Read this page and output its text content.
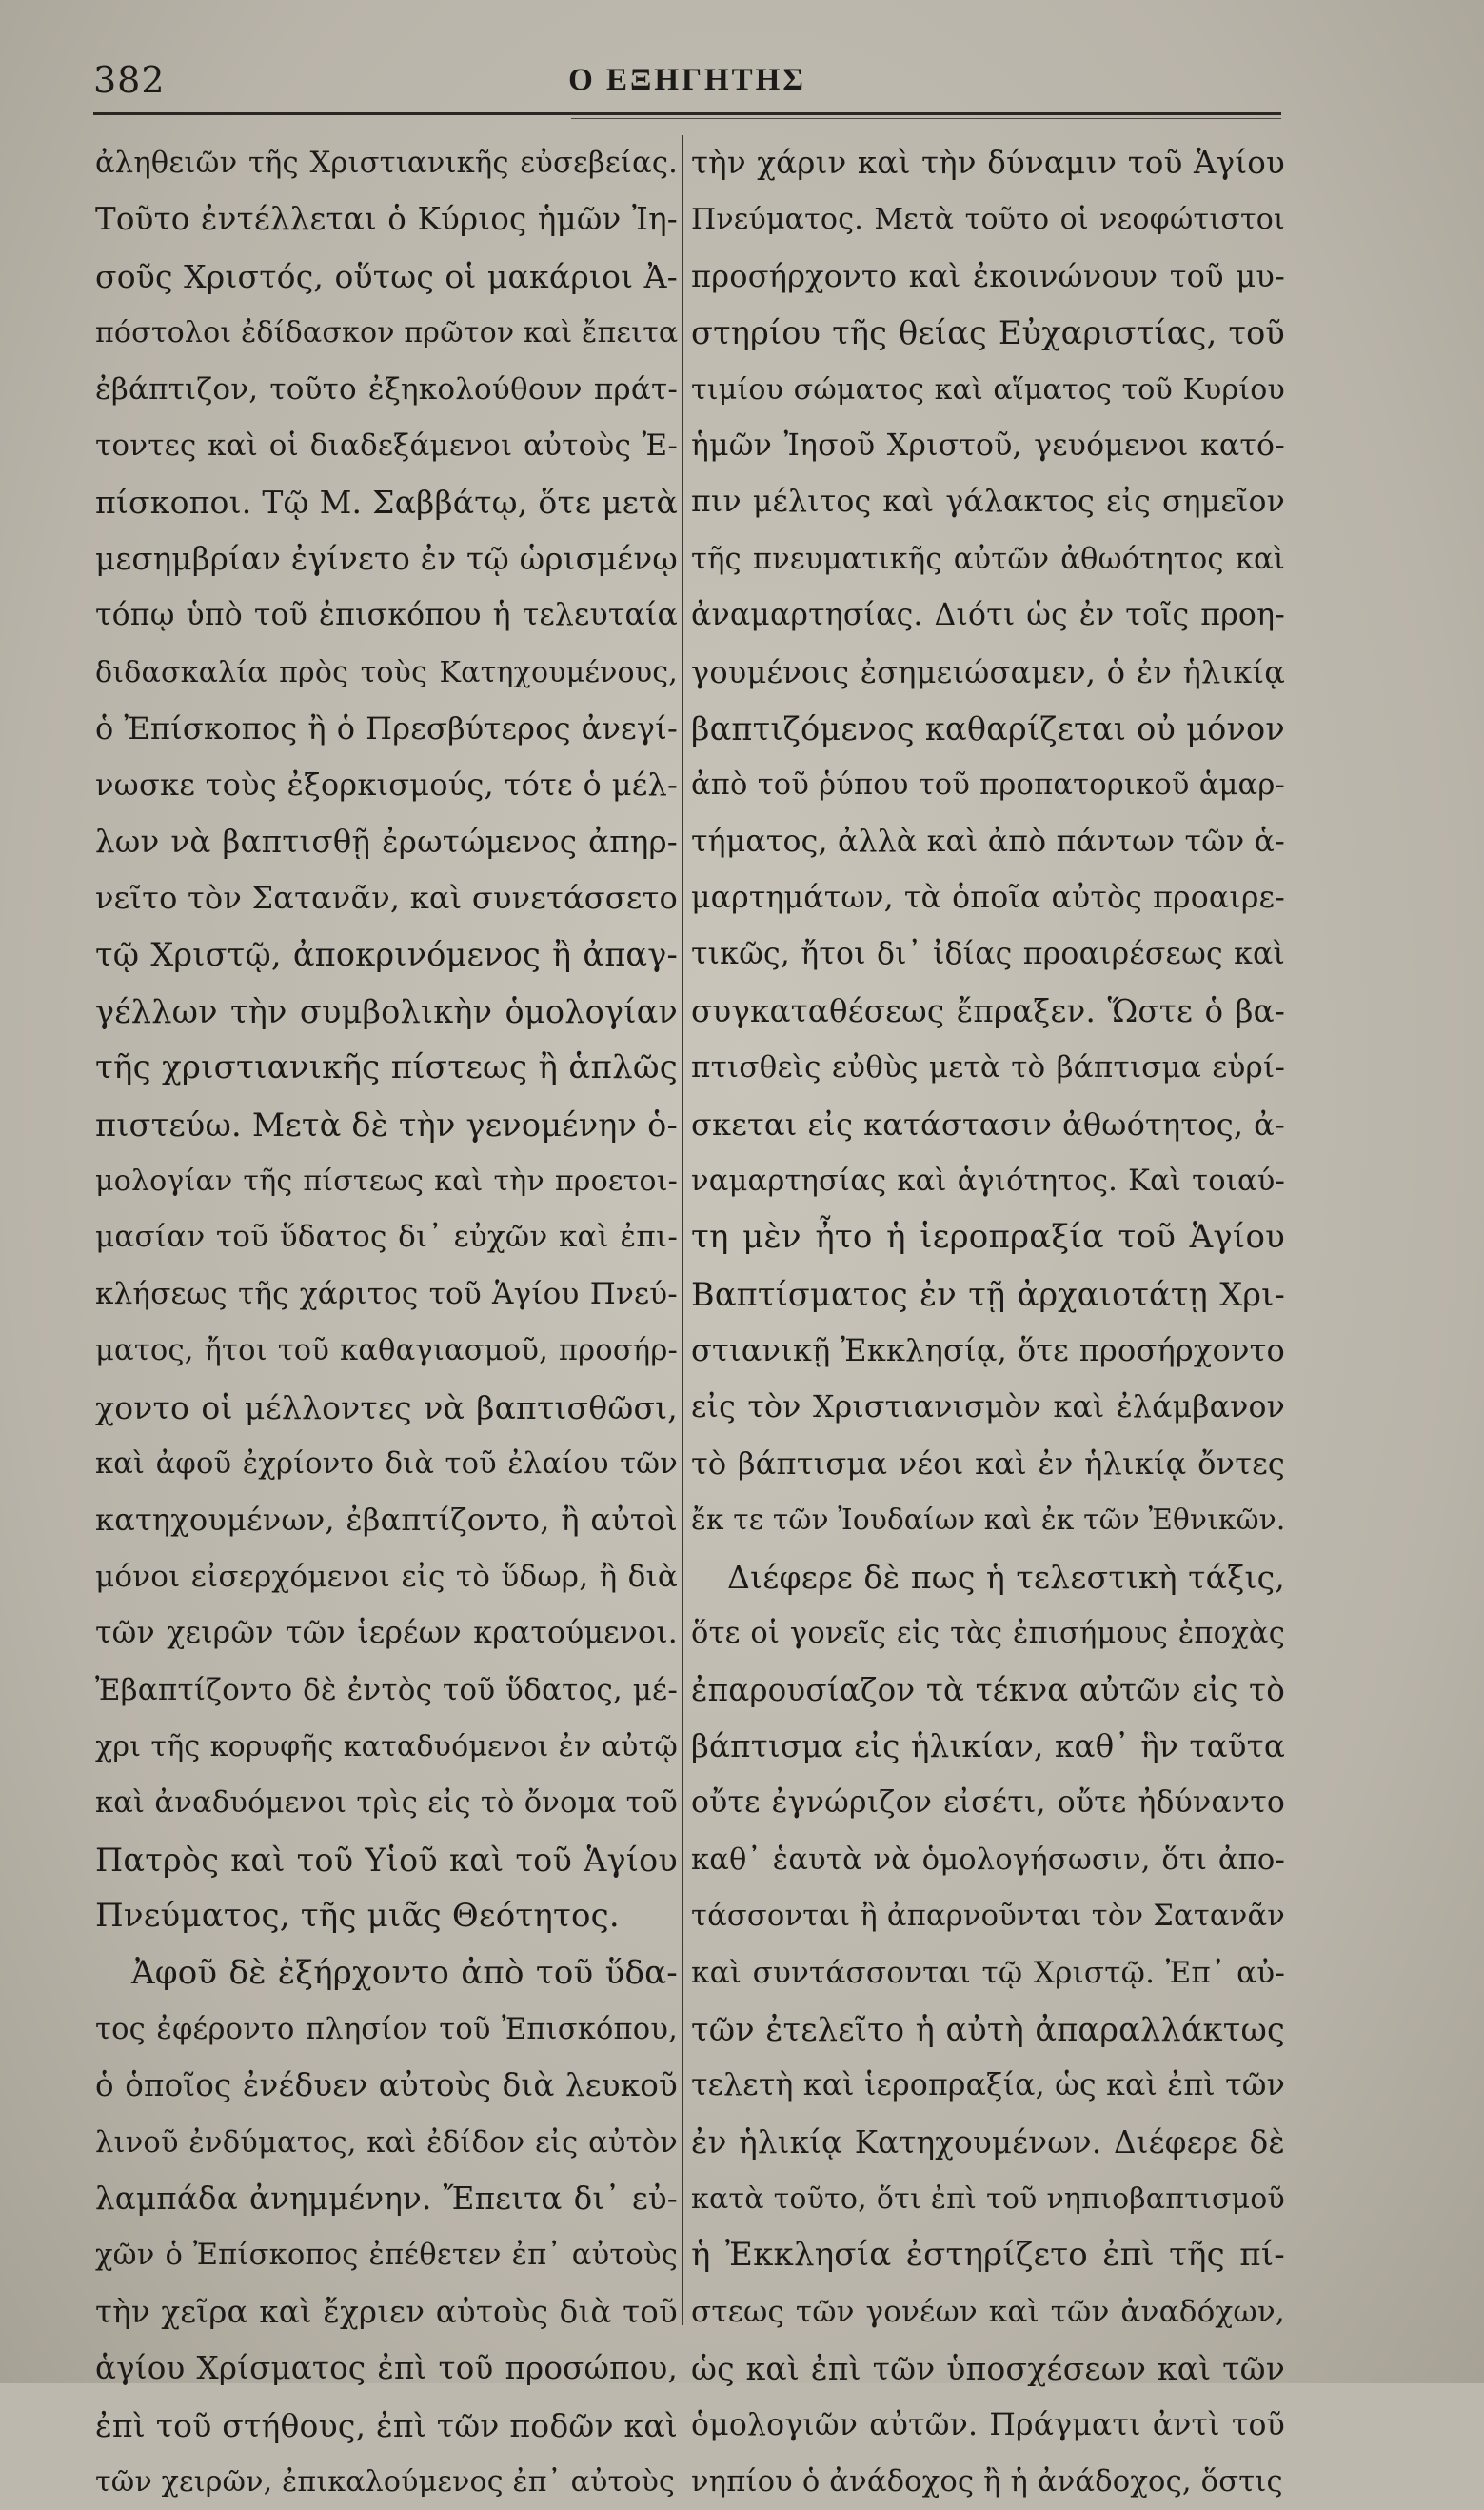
382	Ο ΕΞΗΓΗΤΗΣ
ἀληθειῶν τῆς Χριστιανικῆς εὐσεβείας.
Τοῦτο ἐντέλλεται ὁ Κύριος ἡμῶν Ἰη-
σοῦς Χριστός, οὕτως οἱ μακάριοι Ἀ-
πόστολοι ἐδίδασκον πρῶτον καὶ ἔπειτα
ἐβάπτιζον, τοῦτο ἐξηκολούθουν πράτ-
τοντες καὶ οἱ διαδεξάμενοι αὐτοὺς Ἐ-
πίσκοποι. Τῷ Μ. Σαββάτῳ, ὅτε μετὰ
μεσημβρίαν ἐγίνετο ἐν τῷ ὡρισμένῳ
τόπῳ ὑπὸ τοῦ ἐπισκόπου ἡ τελευταία
διδασκαλία πρὸς τοὺς Κατηχουμένους,
ὁ Ἐπίσκοπος ἢ ὁ Πρεσβύτερος ἀνεγί-
νωσκε τοὺς ἐξορκισμούς, τότε ὁ μέλ-
λων νὰ βαπτισθῇ ἐρωτώμενος ἀπηρ-
νεῖτο τὸν Σατανᾶν, καὶ συνετάσσετο
τῷ Χριστῷ, ἀποκρινόμενος ἢ ἀπαγ-
γέλλων τὴν συμβολικὴν ὁμολογίαν
τῆς χριστιανικῆς πίστεως ἢ ἁπλῶς
πιστεύω. Μετὰ δὲ τὴν γενομένην ὁ-
μολογίαν τῆς πίστεως καὶ τὴν προετοι-
μασίαν τοῦ ὕδατος δι᾽ εὐχῶν καὶ ἐπι-
κλήσεως τῆς χάριτος τοῦ Ἁγίου Πνεύ-
ματος, ἤτοι τοῦ καθαγιασμοῦ, προσήρ-
χοντο οἱ μέλλοντες νὰ βαπτισθῶσι,
καὶ ἀφοῦ ἐχρίοντο διὰ τοῦ ἐλαίου τῶν
κατηχουμένων, ἐβαπτίζοντο, ἢ αὐτοὶ
μόνοι εἰσερχόμενοι εἰς τὸ ὕδωρ, ἢ διὰ
τῶν χειρῶν τῶν ἱερέων κρατούμενοι.
Ἐβαπτίζοντο δὲ ἐντὸς τοῦ ὕδατος, μέ-
χρι τῆς κορυφῆς καταδυόμενοι ἐν αὐτῷ
καὶ ἀναδυόμενοι τρὶς εἰς τὸ ὄνομα τοῦ
Πατρὸς καὶ τοῦ Υἱοῦ καὶ τοῦ Ἁγίου
Πνεύματος, τῆς μιᾶς Θεότητος.
Ἀφοῦ δὲ ἐξήρχοντο ἀπὸ τοῦ ὕδα-
τος ἐφέροντο πλησίον τοῦ Ἐπισκόπου,
ὁ ὁποῖος ἐνέδυεν αὐτοὺς διὰ λευκοῦ
λινοῦ ἐνδύματος, καὶ ἐδίδον εἰς αὐτὸν
λαμπάδα ἀνημμένην. Ἔπειτα δι᾽ εὐ-
χῶν ὁ Ἐπίσκοπος ἐπέθετεν ἐπ᾽ αὐτοὺς
τὴν χεῖρα καὶ ἔχριεν αὐτοὺς διὰ τοῦ
ἁγίου Χρίσματος ἐπὶ τοῦ προσώπου,
ἐπὶ τοῦ στήθους, ἐπὶ τῶν ποδῶν καὶ
τῶν χειρῶν, ἐπικαλούμενος ἐπ᾽ αὐτοὺς
τὴν χάριν καὶ τὴν δύναμιν τοῦ Ἁγίου
Πνεύματος. Μετὰ τοῦτο οἱ νεοφώτιστοι
προσήρχοντο καὶ ἐκοινώνουν τοῦ μυ-
στηρίου τῆς θείας Εὐχαριστίας, τοῦ
τιμίου σώματος καὶ αἵματος τοῦ Κυρίου
ἡμῶν Ἰησοῦ Χριστοῦ, γευόμενοι κατό-
πιν μέλιτος καὶ γάλακτος εἰς σημεῖον
τῆς πνευματικῆς αὐτῶν ἀθωότητος καὶ
ἀναμαρτησίας. Διότι ὡς ἐν τοῖς προη-
γουμένοις ἐσημειώσαμεν, ὁ ἐν ἡλικίᾳ
βαπτιζόμενος καθαρίζεται οὐ μόνον
ἀπὸ τοῦ ῥύπου τοῦ προπατορικοῦ ἁμαρ-
τήματος, ἀλλὰ καὶ ἀπὸ πάντων τῶν ἁ-
μαρτημάτων, τὰ ὁποῖα αὐτὸς προαιρε-
τικῶς, ἤτοι δι᾽ ἰδίας προαιρέσεως καὶ
συγκαταθέσεως ἔπραξεν. Ὥστε ὁ βα-
πτισθεὶς εὐθὺς μετὰ τὸ βάπτισμα εὑρί-
σκεται εἰς κατάστασιν ἀθωότητος, ἀ-
ναμαρτησίας καὶ ἁγιότητος. Καὶ τοιαύ-
τη μὲν ἦτο ἡ ἱεροπραξία τοῦ Ἁγίου
Βαπτίσματος ἐν τῇ ἀρχαιοτάτῃ Χρι-
στιανικῇ Ἐκκλησίᾳ, ὅτε προσήρχοντο
εἰς τὸν Χριστιανισμὸν καὶ ἐλάμβανον
τὸ βάπτισμα νέοι καὶ ἐν ἡλικίᾳ ὄντες
ἔκ τε τῶν Ἰουδαίων καὶ ἐκ τῶν Ἐθνικῶν.
Διέφερε δὲ πως ἡ τελεστικὴ τάξις,
ὅτε οἱ γονεῖς εἰς τὰς ἐπισήμους ἐποχὰς
ἐπαρουσίαζον τὰ τέκνα αὐτῶν εἰς τὸ
βάπτισμα εἰς ἡλικίαν, καθ᾽ ἣν ταῦτα
οὔτε ἐγνώριζον εἰσέτι, οὔτε ἠδύναντο
καθ᾽ ἑαυτὰ νὰ ὁμολογήσωσιν, ὅτι ἀπο-
τάσσονται ἢ ἀπαρνοῦνται τὸν Σατανᾶν
καὶ συντάσσονται τῷ Χριστῷ. Ἐπ᾽ αὐ-
τῶν ἐτελεῖτο ἡ αὐτὴ ἀπαραλλάκτως
τελετὴ καὶ ἱεροπραξία, ὡς καὶ ἐπὶ τῶν
ἐν ἡλικίᾳ Κατηχουμένων. Διέφερε δὲ
κατὰ τοῦτο, ὅτι ἐπὶ τοῦ νηπιοβαπτισμοῦ
ἡ Ἐκκλησία ἐστηρίζετο ἐπὶ τῆς πί-
στεως τῶν γονέων καὶ τῶν ἀναδόχων,
ὡς καὶ ἐπὶ τῶν ὑποσχέσεων καὶ τῶν
ὁμολογιῶν αὐτῶν. Πράγματι ἀντὶ τοῦ
νηπίου ὁ ἀνάδοχος ἢ ἡ ἀνάδοχος, ὅστις
